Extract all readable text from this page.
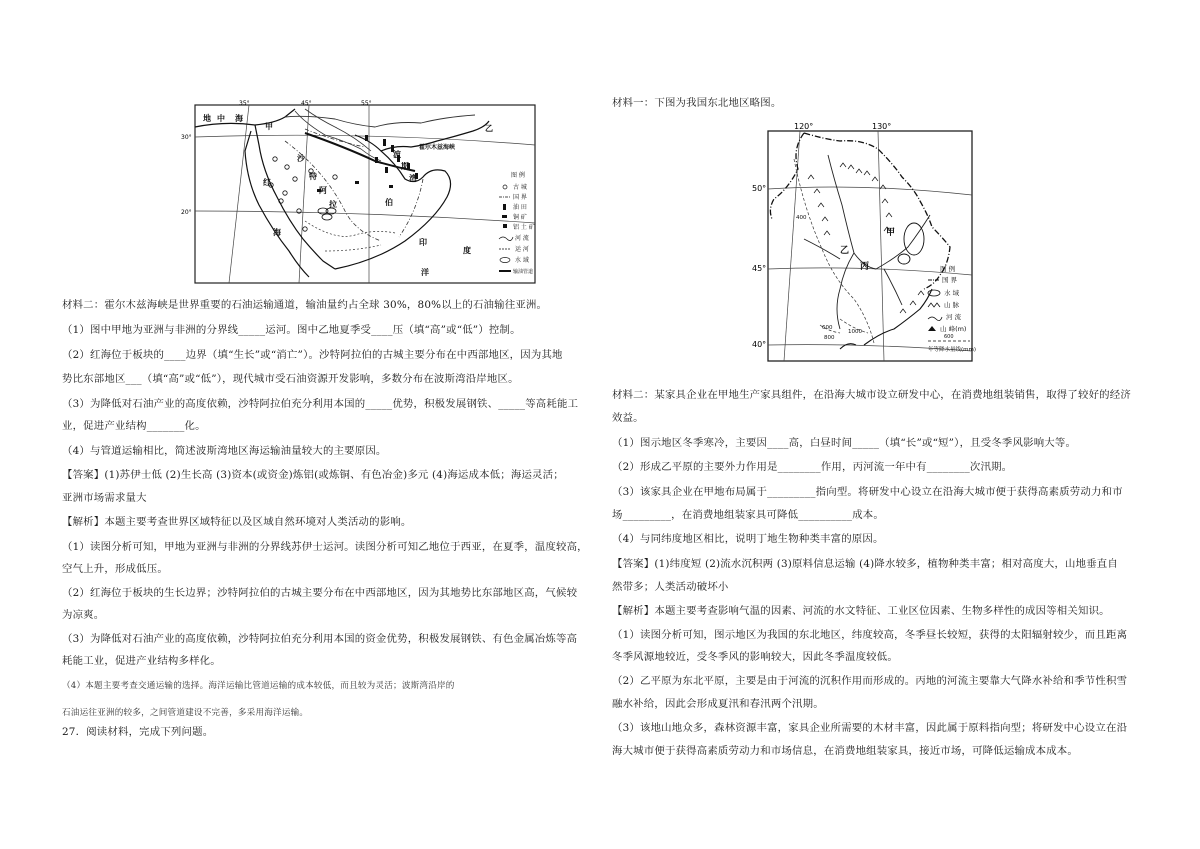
35°	45°	55°
30°
20°
地 中 海
乙
霍尔木兹海峡
沙
特
阿
拉	伯
红
海
甲
波
斯
湾
印
度
洋
图 例
古 城
国 界
油 田
铜 矿
铝 土 矿
河 流
运 河
水 域
输油管道
材料二：霍尔木兹海峡是世界重要的石油运输通道，输油量约占全球 30%，80%以上的石油输往亚洲。
（1）图中甲地为亚洲与非洲的分界线_____运河。图中乙地夏季受____压（填“高”或“低”）控制。
（2）红海位于板块的____边界（填“生长”或“消亡”）。沙特阿拉伯的古城主要分布在中西部地区，因为其地
势比东部地区___（填“高”或“低”），现代城市受石油资源开发影响，多数分布在波斯湾沿岸地区。
（3）为降低对石油产业的高度依赖，沙特阿拉伯充分利用本国的_____优势，积极发展钢铁、_____等高耗能工
业，促进产业结构_______化。
（4）与管道运输相比，简述波斯湾地区海运输油量较大的主要原因。
【答案】(1)苏伊士低 (2)生长高 (3)资本(或资金)炼铝(或炼铜、有色冶金)多元 (4)海运成本低；海运灵活；
亚洲市场需求量大
【解析】本题主要考查世界区域特征以及区域自然环境对人类活动的影响。
（1）读图分析可知，甲地为亚洲与非洲的分界线苏伊士运河。读图分析可知乙地位于西亚，在夏季，温度较高，
空气上升，形成低压。
（2）红海位于板块的生长边界；沙特阿拉伯的古城主要分布在中西部地区，因为其地势比东部地区高，气候较
为凉爽。
（3）为降低对石油产业的高度依赖，沙特阿拉伯充分利用本国的资金优势，积极发展钢铁、有色金属冶炼等高
耗能工业，促进产业结构多样化。
（4）本题主要考查交通运输的选择。海洋运输比管道运输的成本较低，而且较为灵活；波斯湾沿岸的
石油运往亚洲的较多，之间管道建设不完善，多采用海洋运输。
27．阅读材料，完成下列问题。
材料一：下图为我国东北地区略图。
120°	130°
50°
45°
40°
甲
乙
丙
400
600
800
1000
图 例
国 界
水 域
山 脉
河 流
山 峰(m)
600
年等降水量线(mm)
材料二：某家具企业在甲地生产家具组件，在沿海大城市设立研发中心，在消费地组装销售，取得了较好的经济
效益。
（1）图示地区冬季寒冷，主要因____高，白昼时间_____（填“长”或“短”），且受冬季风影响大等。
（2）形成乙平原的主要外力作用是________作用，丙河流一年中有________次汛期。
（3）该家具企业在甲地布局属于_________指向型。将研发中心设立在沿海大城市便于获得高素质劳动力和市
场_________，在消费地组装家具可降低__________成本。
（4）与同纬度地区相比，说明丁地生物种类丰富的原因。
【答案】(1)纬度短 (2)流水沉积两 (3)原料信息运输 (4)降水较多，植物种类丰富；相对高度大，山地垂直自
然带多；人类活动破坏小
【解析】本题主要考查影响气温的因素、河流的水文特征、工业区位因素、生物多样性的成因等相关知识。
（1）读图分析可知，图示地区为我国的东北地区，纬度较高，冬季昼长较短，获得的太阳辐射较少，而且距离
冬季风源地较近，受冬季风的影响较大，因此冬季温度较低。
（2）乙平原为东北平原，主要是由于河流的沉积作用而形成的。丙地的河流主要靠大气降水补给和季节性积雪
融水补给，因此会形成夏汛和春汛两个汛期。
（3）该地山地众多，森林资源丰富，家具企业所需要的木材丰富，因此属于原料指向型；将研发中心设立在沿
海大城市便于获得高素质劳动力和市场信息，在消费地组装家具，接近市场，可降低运输成本成本。
